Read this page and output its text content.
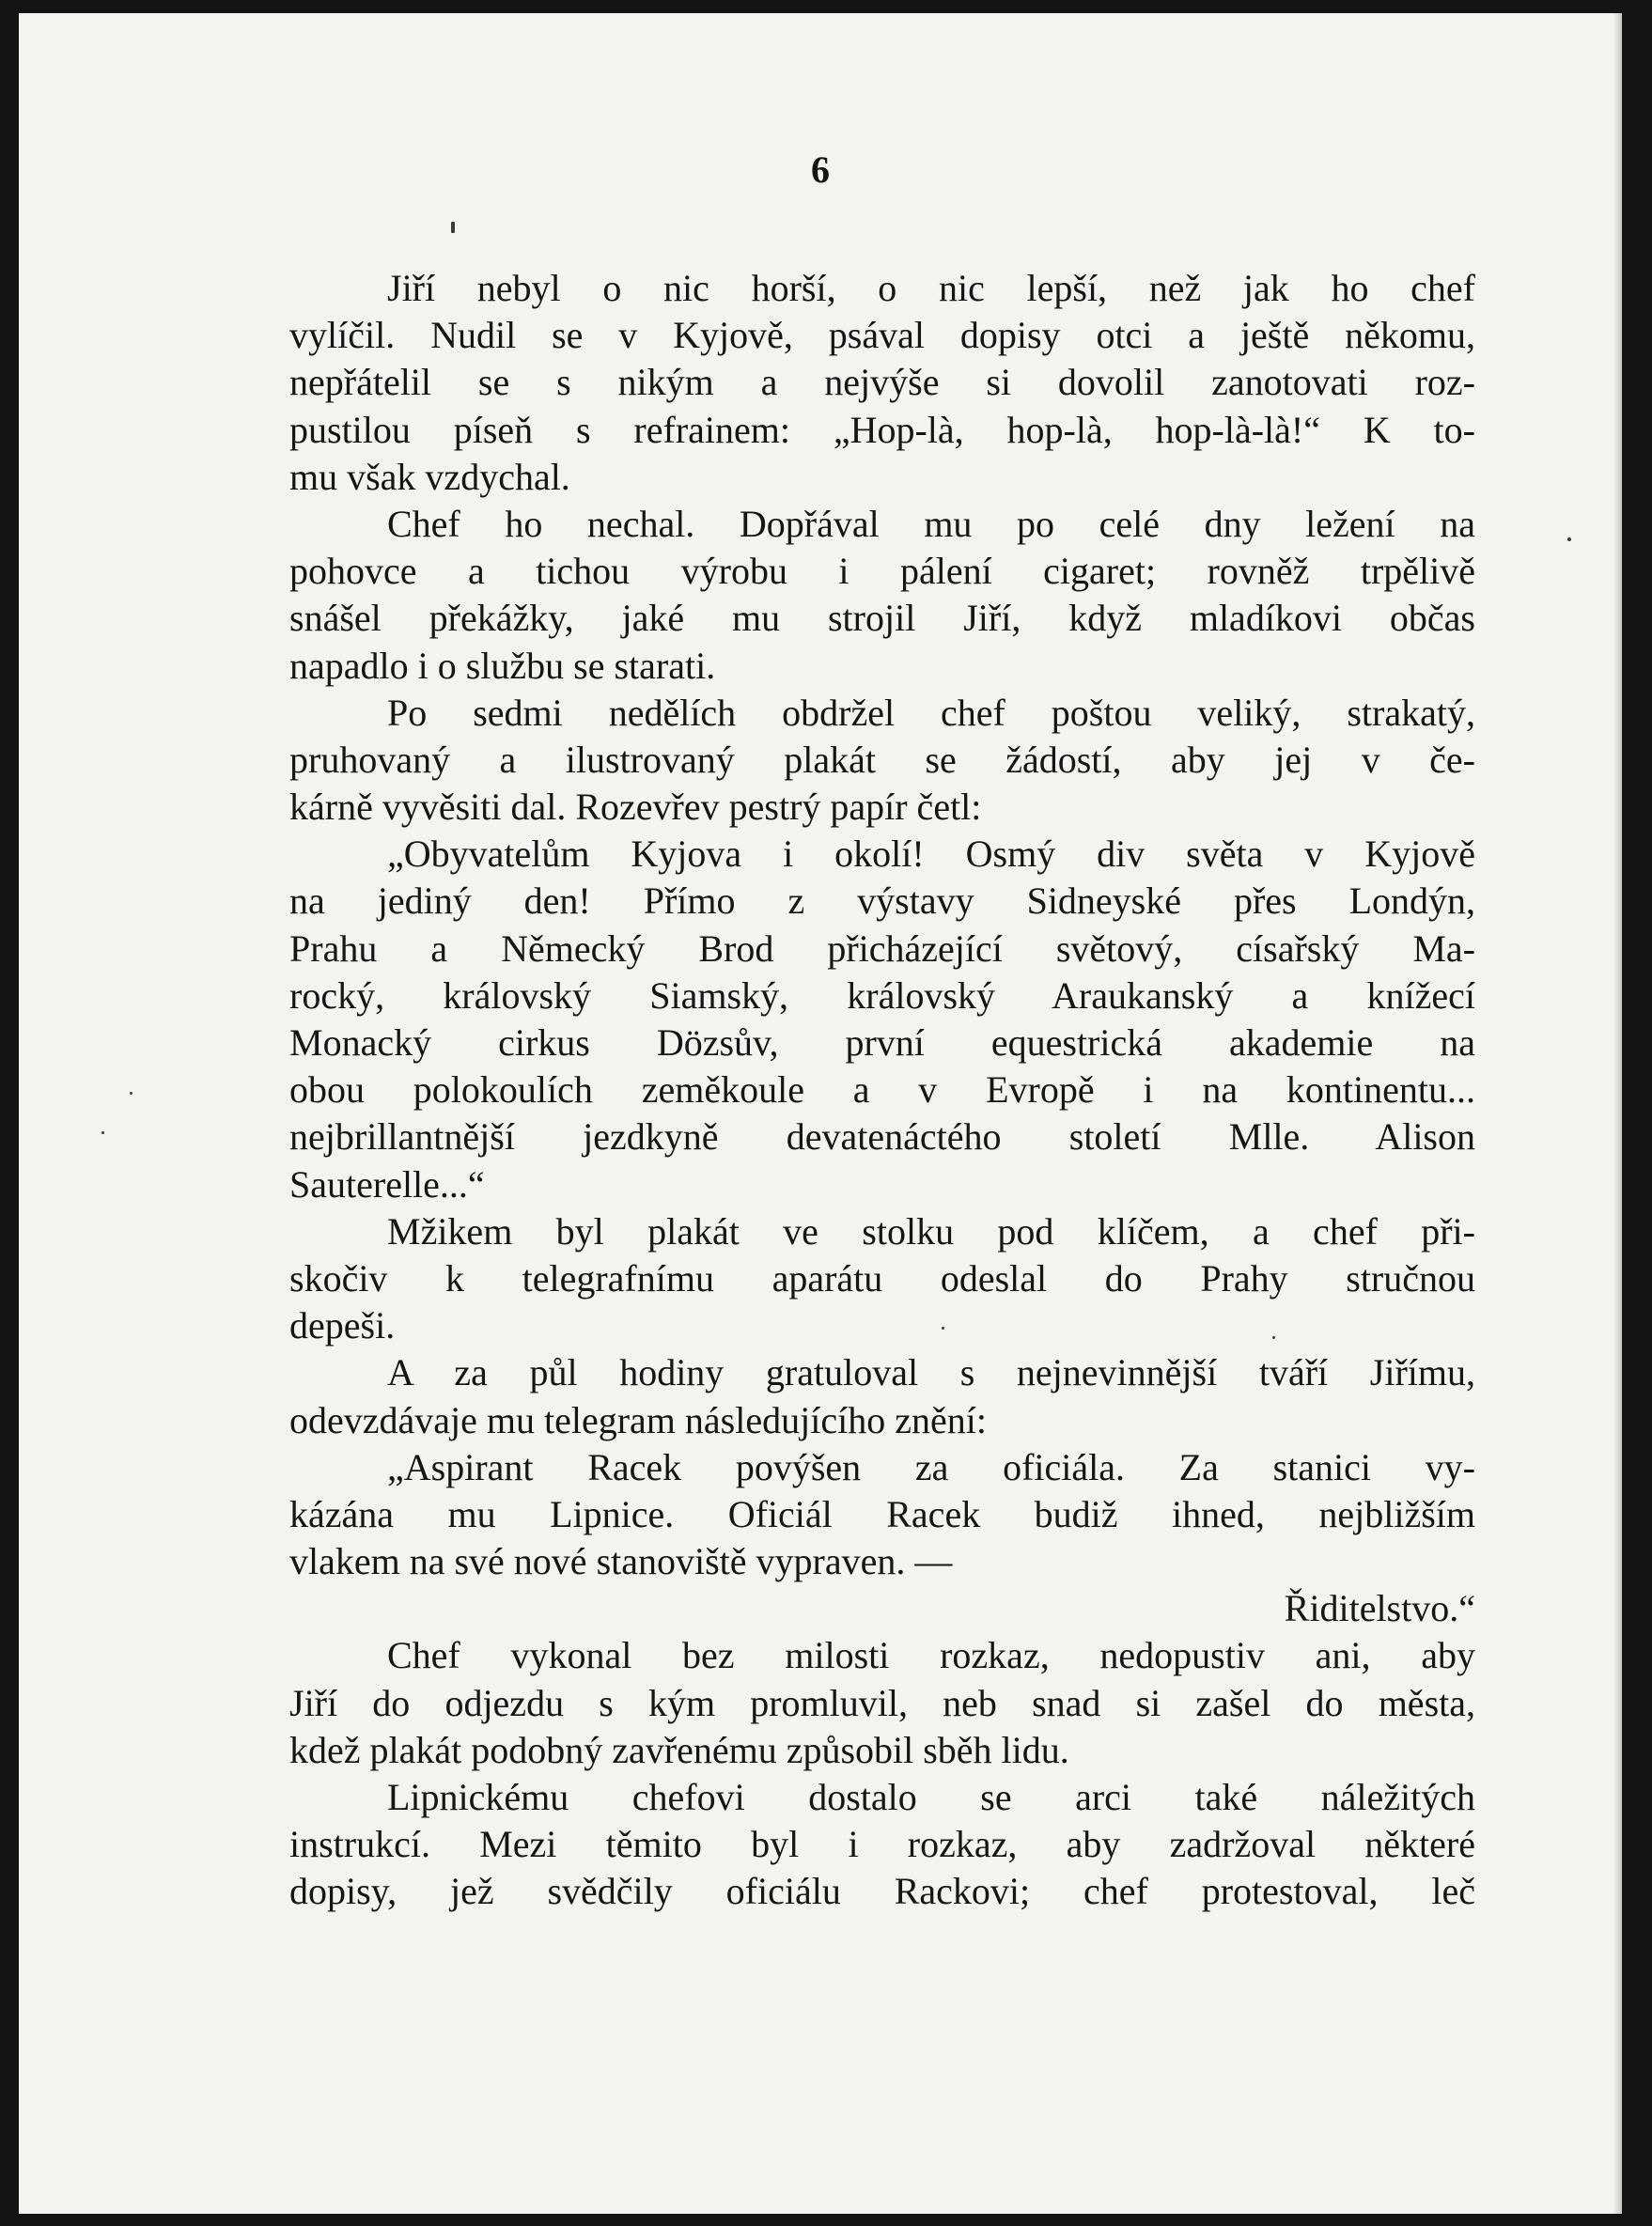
6

Jiří nebyl o nic horší, o nic lepší, než jak ho chef
vylíčil. Nudil se v Kyjově, psával dopisy otci a ještě někomu,
nepřátelil se s nikým a nejvýše si dovolil zanotovati roz-
pustilou píseň s refrainem: „Hop-là, hop-là, hop-là-là!“ K to-
mu však vzdychal.
Chef ho nechal. Dopřával mu po celé dny ležení na
pohovce a tichou výrobu i pálení cigaret; rovněž trpělivě
snášel překážky, jaké mu strojil Jiří, když mladíkovi občas
napadlo i o službu se starati.
Po sedmi nedělích obdržel chef poštou veliký, strakatý,
pruhovaný a ilustrovaný plakát se žádostí, aby jej v če-
kárně vyvěsiti dal. Rozevřev pestrý papír četl:
„Obyvatelům Kyjova i okolí! Osmý div světa v Kyjově
na jediný den! Přímo z výstavy Sidneyské přes Londýn,
Prahu a Německý Brod přicházející světový, císařský Ma-
rocký, královský Siamský, královský Araukanský a knížecí
Monacký cirkus Dözsův, první equestrická akademie na
obou polokoulích zeměkoule a v Evropě i na kontinentu...
nejbrillantnější jezdkyně devatenáctého století Mlle. Alison
Sauterelle...“
Mžikem byl plakát ve stolku pod klíčem, a chef při-
skočiv k telegrafnímu aparátu odeslal do Prahy stručnou
depeši.
A za půl hodiny gratuloval s nejnevinnější tváří Jiřímu,
odevzdávaje mu telegram následujícího znění:
„Aspirant Racek povýšen za oficiála. Za stanici vy-
kázána mu Lipnice. Oficiál Racek budiž ihned, nejbližším
vlakem na své nové stanoviště vypraven. —
Řiditelstvo.“
Chef vykonal bez milosti rozkaz, nedopustiv ani, aby
Jiří do odjezdu s kým promluvil, neb snad si zašel do města,
kdež plakát podobný zavřenému způsobil sběh lidu.
Lipnickému chefovi dostalo se arci také náležitých
instrukcí. Mezi těmito byl i rozkaz, aby zadržoval některé
dopisy, jež svědčily oficiálu Rackovi; chef protestoval, leč
